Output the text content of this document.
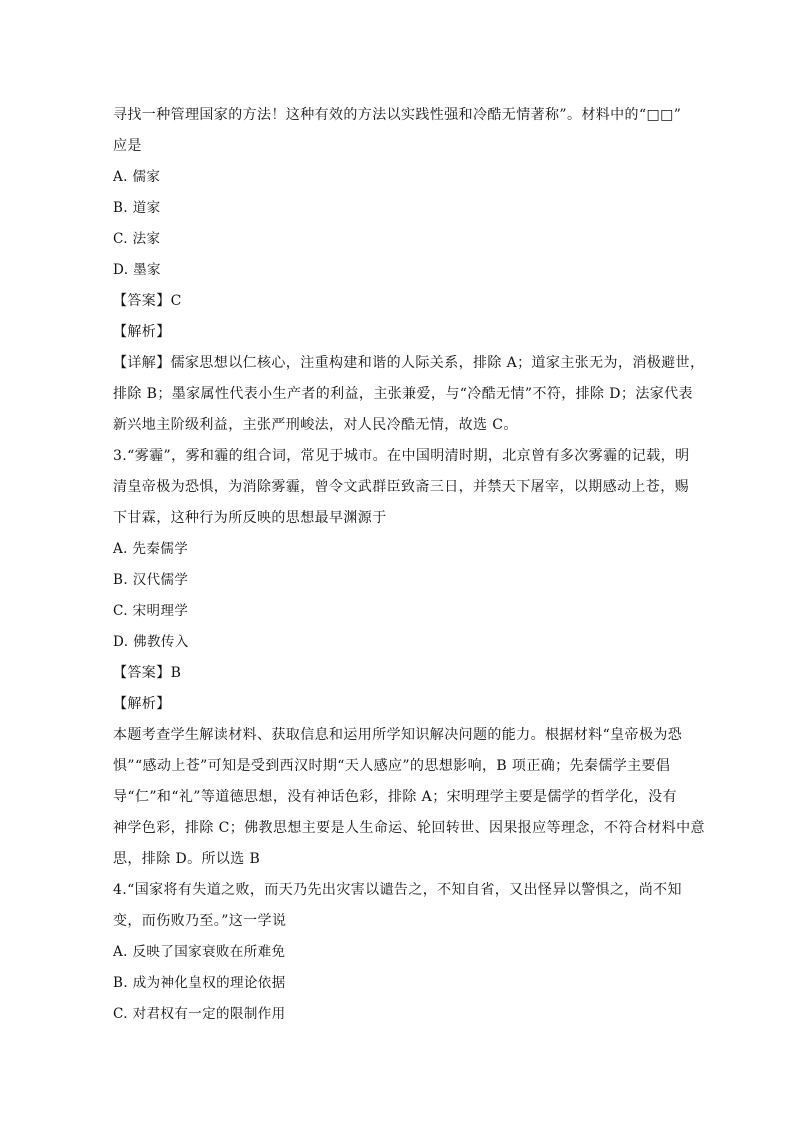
寻找一种管理国家的方法！这种有效的方法以实践性强和冷酷无情著称”。材料中的“□□”
应是
A. 儒家
B. 道家
C. 法家
D. 墨家
【答案】C
【解析】
【详解】儒家思想以仁核心，注重构建和谐的人际关系，排除 A；道家主张无为，消极避世，
排除 B；墨家属性代表小生产者的利益，主张兼爱，与“冷酷无情”不符，排除 D；法家代表
新兴地主阶级利益，主张严刑峻法，对人民冷酷无情，故选 C。
3.“雾霾”，雾和霾的组合词，常见于城市。在中国明清时期，北京曾有多次雾霾的记载，明
清皇帝极为恐惧，为消除雾霾，曾令文武群臣致斋三日，并禁天下屠宰，以期感动上苍，赐
下甘霖，这种行为所反映的思想最早渊源于
A. 先秦儒学
B. 汉代儒学
C. 宋明理学
D. 佛教传入
【答案】B
【解析】
本题考查学生解读材料、获取信息和运用所学知识解决问题的能力。根据材料“皇帝极为恐
惧”“感动上苍”可知是受到西汉时期“天人感应”的思想影响，B 项正确；先秦儒学主要倡
导“仁”和“礼”等道德思想，没有神话色彩，排除 A；宋明理学主要是儒学的哲学化，没有
神学色彩，排除 C；佛教思想主要是人生命运、轮回转世、因果报应等理念，不符合材料中意
思，排除 D。所以选 B
4.“国家将有失道之败，而天乃先出灾害以谴告之，不知自省，又出怪异以警惧之，尚不知
变，而伤败乃至。”这一学说
A. 反映了国家衰败在所难免
B. 成为神化皇权的理论依据
C. 对君权有一定的限制作用
